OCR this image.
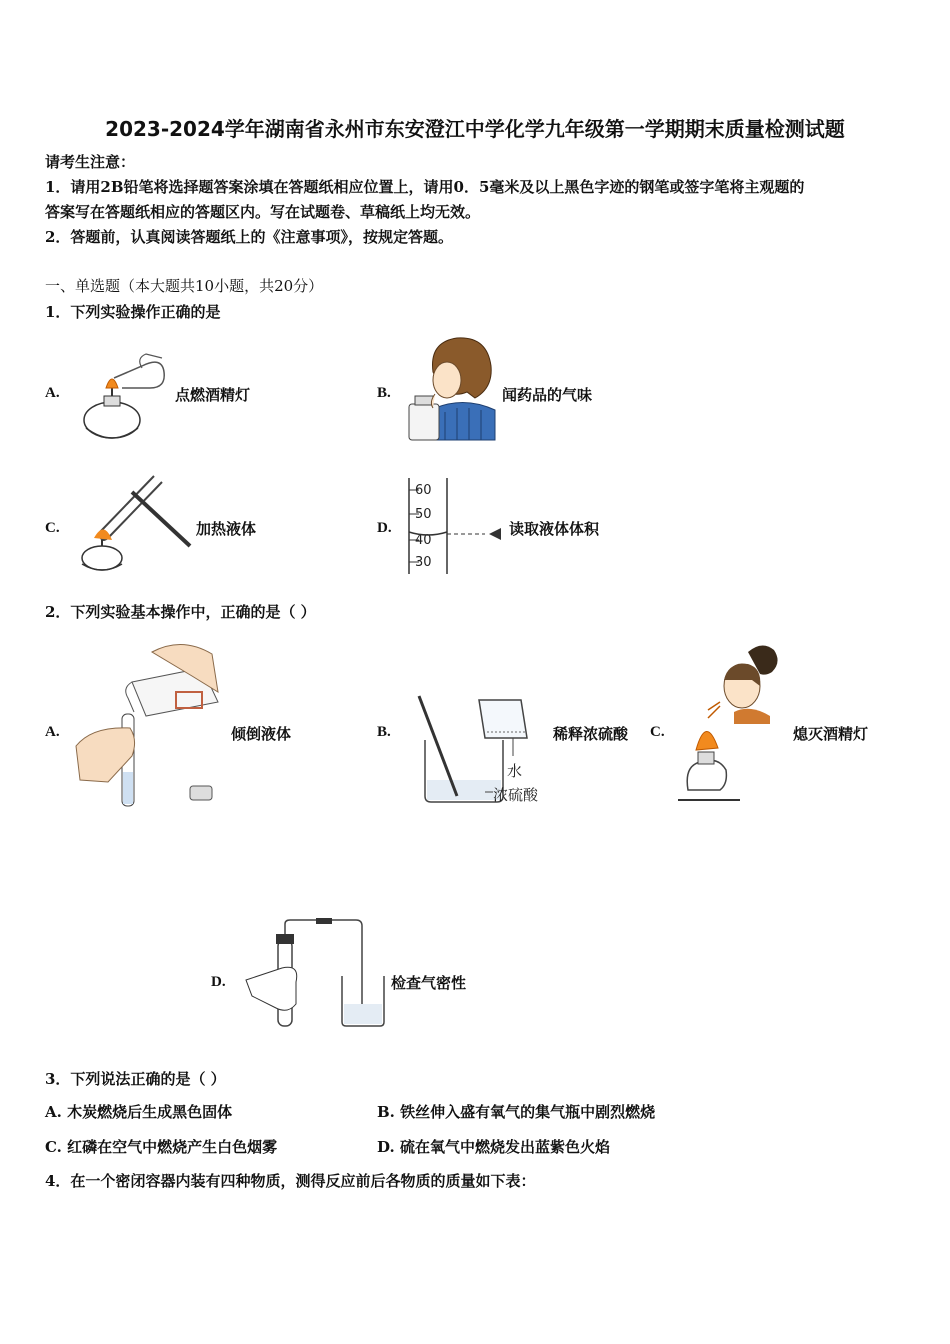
2023-2024学年湖南省永州市东安澄江中学化学九年级第一学期期末质量检测试题
请考生注意：
1．请用2B铅笔将选择题答案涂填在答题纸相应位置上，请用0．5毫米及以上黑色字迹的钢笔或签字笔将主观题的
答案写在答题纸相应的答题区内。写在试题卷、草稿纸上均无效。
2．答题前，认真阅读答题纸上的《注意事项》，按规定答题。
一、单选题（本大题共10小题，共20分）
1．下列实验操作正确的是
A.	点燃酒精灯	B.	闻药品的气味
C.	加热液体	D.
60
50
40
30
读取液体体积
2．下列实验基本操作中，正确的是（ ）
A.	倾倒液体	B.
水
浓硫酸
稀释浓硫酸 C.	熄灭酒精灯
D.	检查气密性
3．下列说法正确的是（ ）
A. 木炭燃烧后生成黑色固体	B. 铁丝伸入盛有氧气的集气瓶中剧烈燃烧
C. 红磷在空气中燃烧产生白色烟雾	D. 硫在氧气中燃烧发出蓝紫色火焰
4．在一个密闭容器内装有四种物质，测得反应前后各物质的质量如下表：
